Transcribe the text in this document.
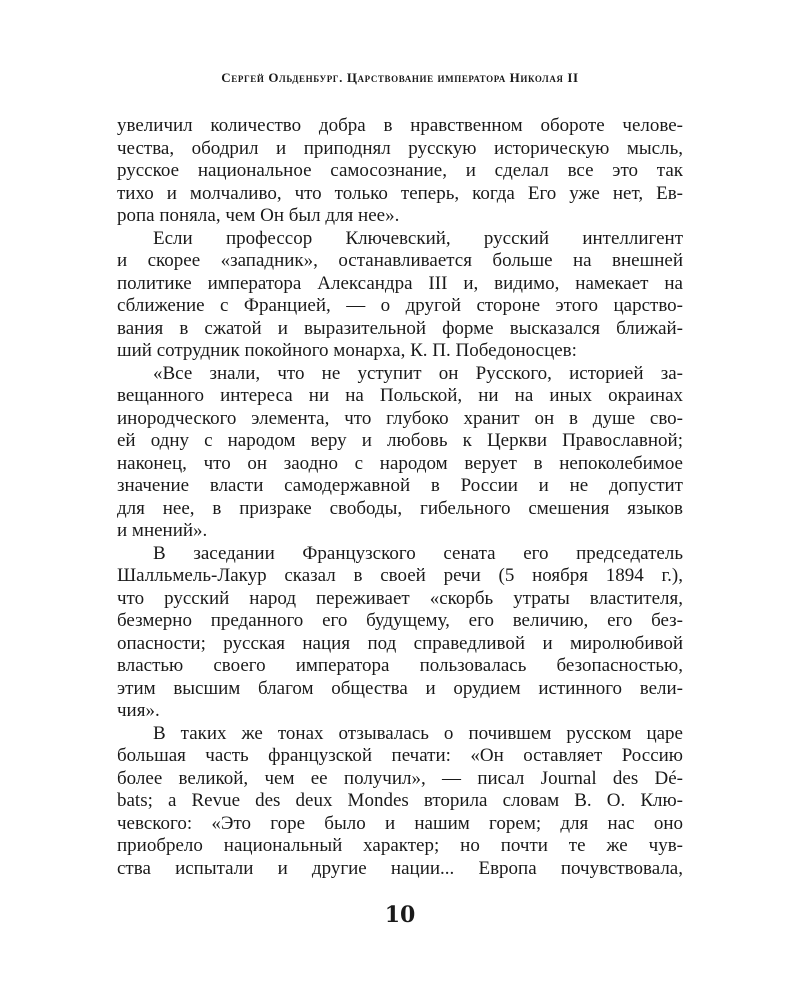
Сергей Ольденбург. Царствование императора Николая II
увеличил количество добра в нравственном обороте челове-
чества, ободрил и приподнял русскую историческую мысль,
русское национальное самосознание, и сделал все это так
тихо и молчаливо, что только теперь, когда Его уже нет, Ев-
ропа поняла, чем Он был для нее».
Если профессор Ключевский, русский интеллигент
и скорее «западник», останавливается больше на внешней
политике императора Александра III и, видимо, намекает на
сближение с Францией, — о другой стороне этого царство-
вания в сжатой и выразительной форме высказался ближай-
ший сотрудник покойного монарха, К. П. Победоносцев:
«Все знали, что не уступит он Русского, историей за-
вещанного интереса ни на Польской, ни на иных окраинах
инородческого элемента, что глубоко хранит он в душе сво-
ей одну с народом веру и любовь к Церкви Православной;
наконец, что он заодно с народом верует в непоколебимое
значение власти самодержавной в России и не допустит
для нее, в призраке свободы, гибельного смешения языков
и мнений».
В заседании Французского сената его председатель
Шалльмель-Лакур сказал в своей речи (5 ноября 1894 г.),
что русский народ переживает «скорбь утраты властителя,
безмерно преданного его будущему, его величию, его без-
опасности; русская нация под справедливой и миролюбивой
властью своего императора пользовалась безопасностью,
этим высшим благом общества и орудием истинного вели-
чия».
В таких же тонах отзывалась о почившем русском царе
большая часть французской печати: «Он оставляет Россию
более великой, чем ее получил», — писал Journal des Dé-
bats; а Revue des deux Mondes вторила словам В. О. Клю-
чевского: «Это горе было и нашим горем; для нас оно
приобрело национальный характер; но почти те же чув-
ства испытали и другие нации... Европа почувствовала,
10
